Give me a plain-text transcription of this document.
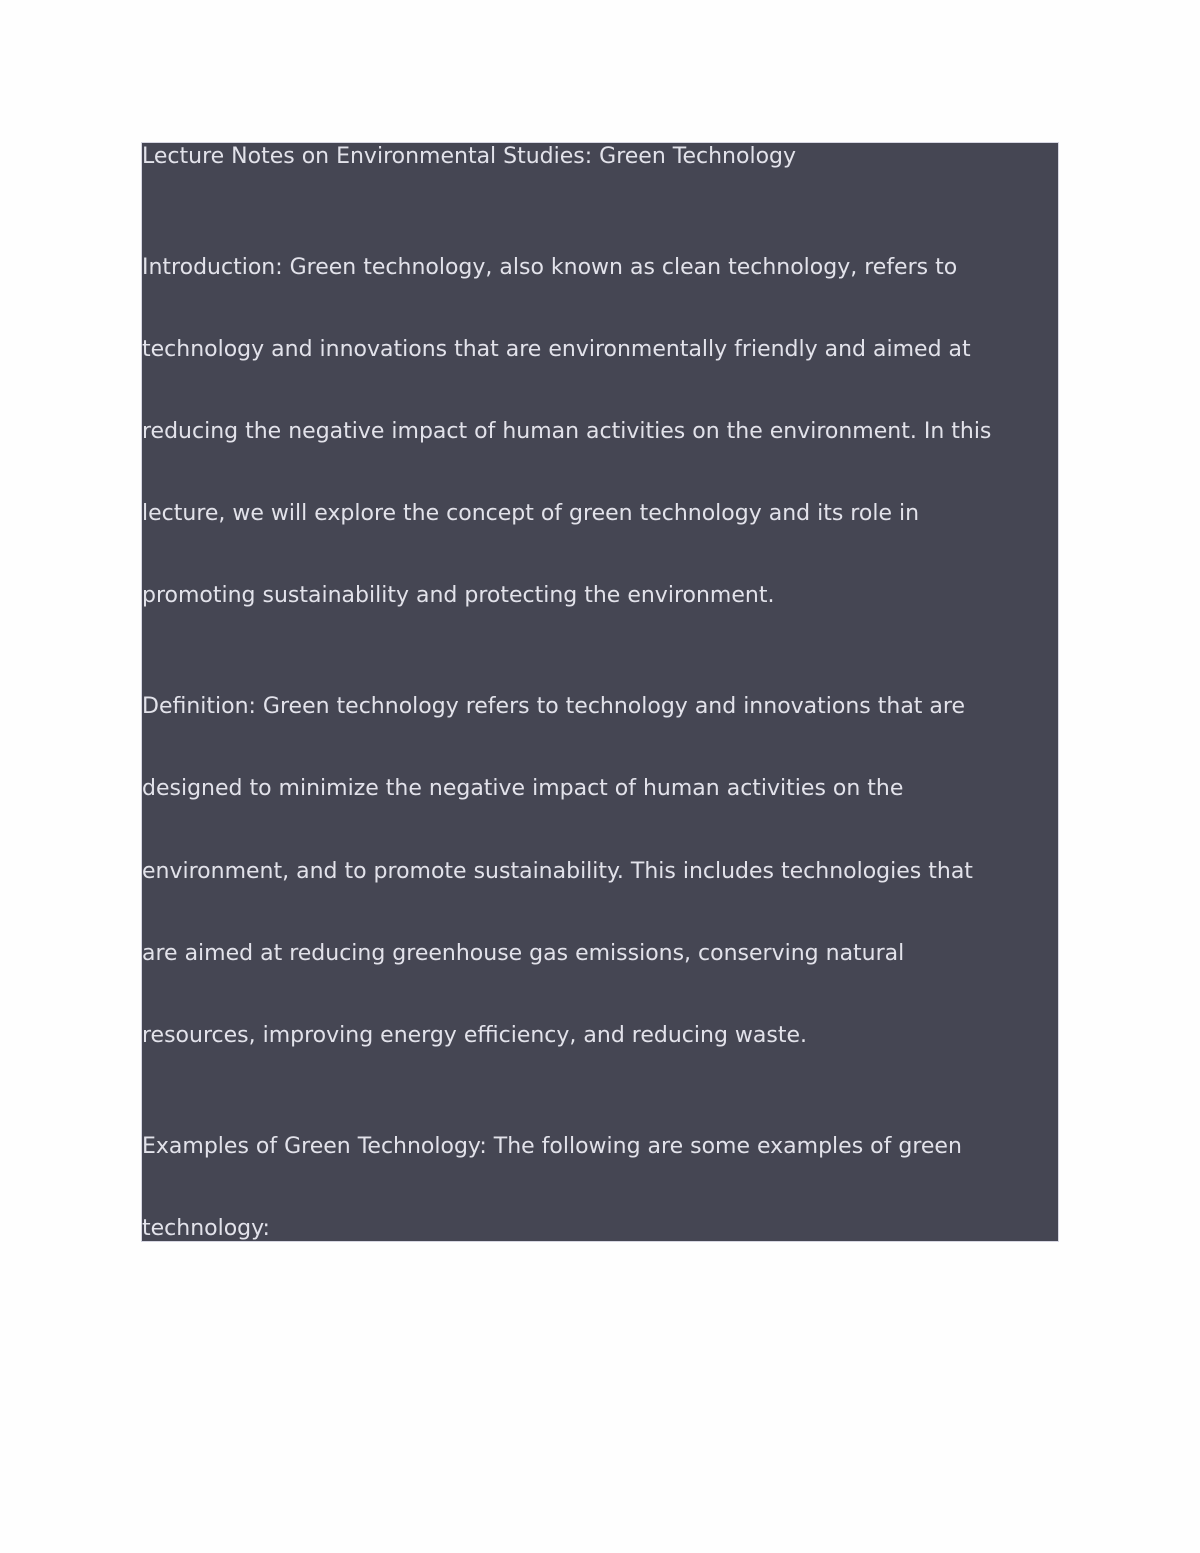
Lecture Notes on Environmental Studies: Green Technology

Introduction: Green technology, also known as clean technology, refers to

technology and innovations that are environmentally friendly and aimed at

reducing the negative impact of human activities on the environment. In this

lecture, we will explore the concept of green technology and its role in

promoting sustainability and protecting the environment.

Definition: Green technology refers to technology and innovations that are

designed to minimize the negative impact of human activities on the

environment, and to promote sustainability. This includes technologies that

are aimed at reducing greenhouse gas emissions, conserving natural

resources, improving energy efficiency, and reducing waste.

Examples of Green Technology: The following are some examples of green

technology:
